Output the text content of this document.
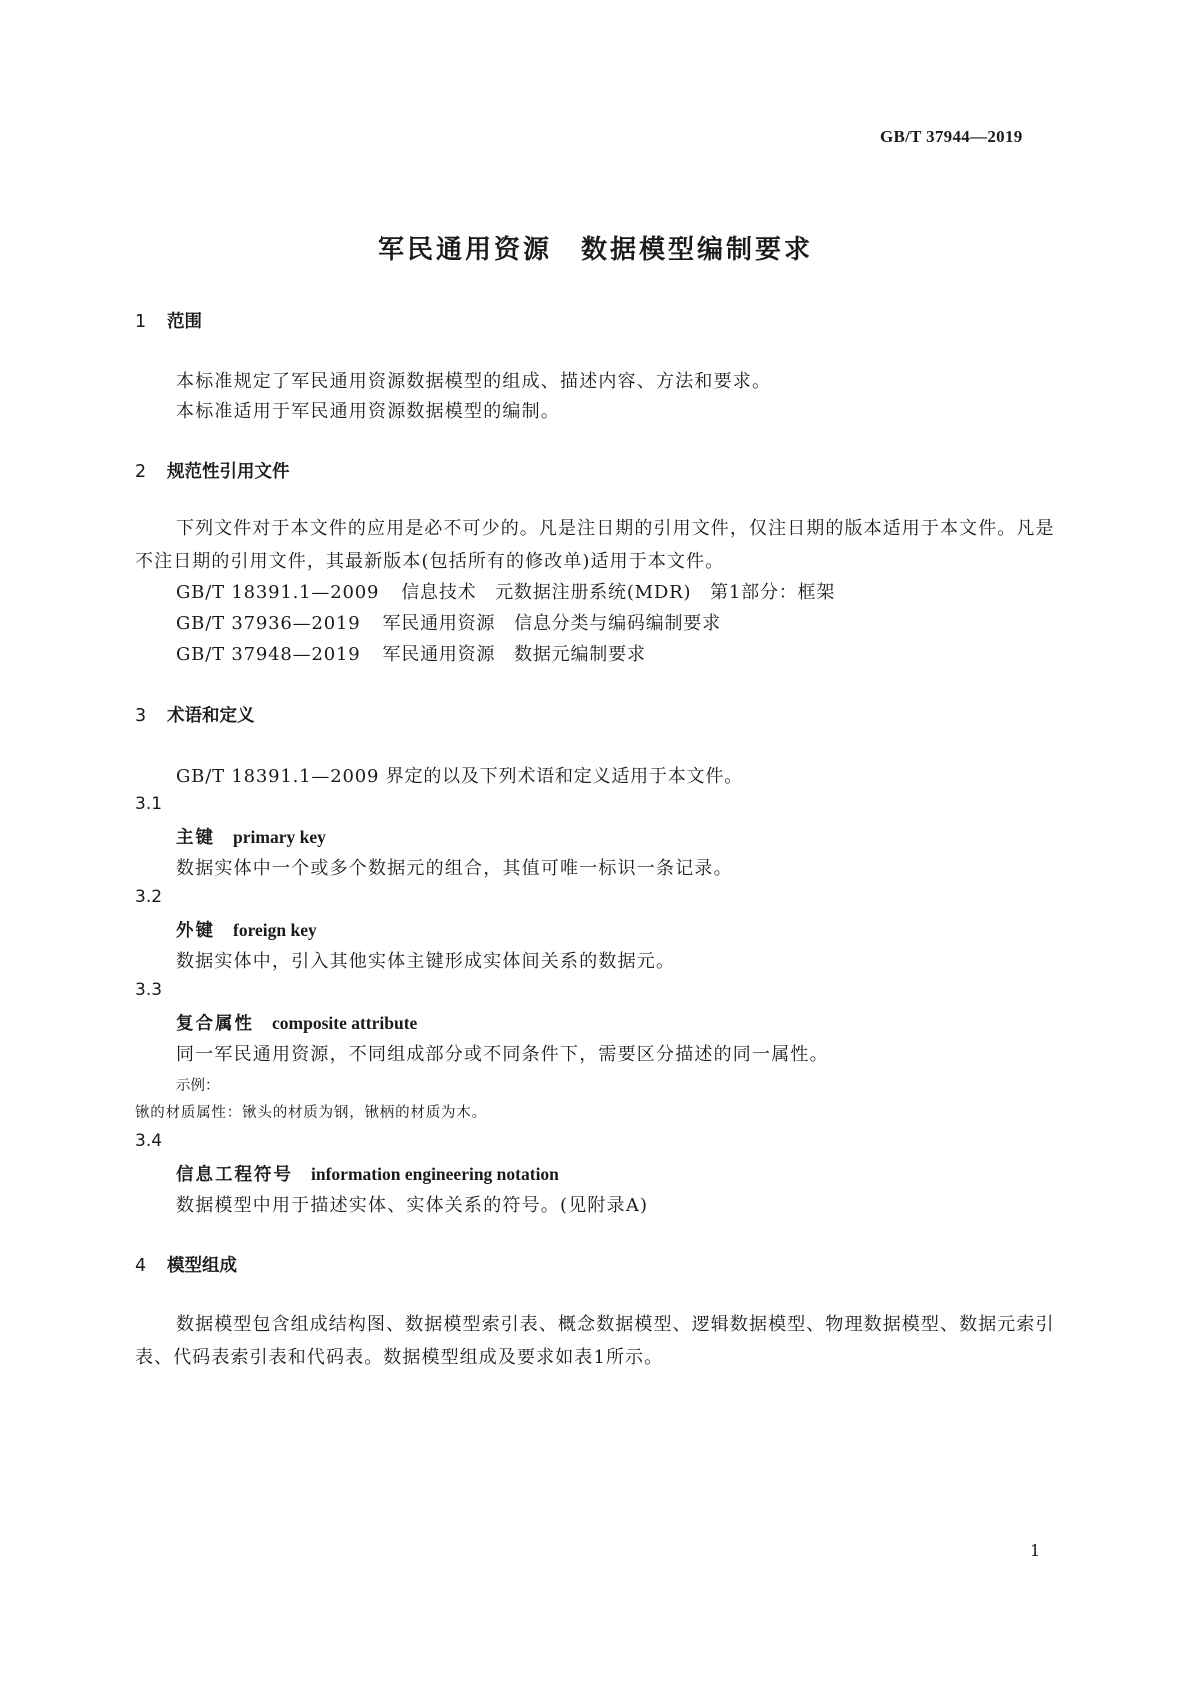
GB/T 37944—2019
军民通用资源　数据模型编制要求
1 范围
本标准规定了军民通用资源数据模型的组成、描述内容、方法和要求。
本标准适用于军民通用资源数据模型的编制。
2 规范性引用文件
下列文件对于本文件的应用是必不可少的。凡是注日期的引用文件，仅注日期的版本适用于本文件。凡是不注日期的引用文件，其最新版本(包括所有的修改单)适用于本文件。
GB/T 18391.1—2009 信息技术　元数据注册系统(MDR)　第1部分：框架
GB/T 37936—2019 军民通用资源　信息分类与编码编制要求
GB/T 37948—2019 军民通用资源　数据元编制要求
3 术语和定义
GB/T 18391.1—2009 界定的以及下列术语和定义适用于本文件。
3.1
主键 primary key
数据实体中一个或多个数据元的组合，其值可唯一标识一条记录。
3.2
外键 foreign key
数据实体中，引入其他实体主键形成实体间关系的数据元。
3.3
复合属性 composite attribute
同一军民通用资源，不同组成部分或不同条件下，需要区分描述的同一属性。
示例：
锹的材质属性：锹头的材质为钢，锹柄的材质为木。
3.4
信息工程符号 information engineering notation
数据模型中用于描述实体、实体关系的符号。(见附录A)
4 模型组成
数据模型包含组成结构图、数据模型索引表、概念数据模型、逻辑数据模型、物理数据模型、数据元索引表、代码表索引表和代码表。数据模型组成及要求如表1所示。
1
